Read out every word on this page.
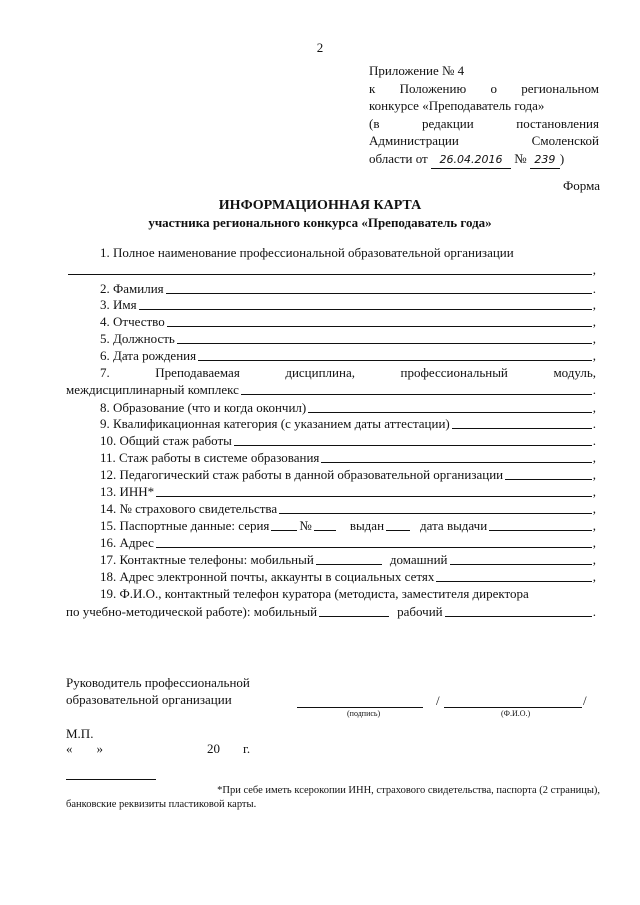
2
Приложение № 4
к Положению о региональном
конкурсе «Преподаватель года»
(в	редакции	постановления
Администрации	Смоленской
области от 26.04.2016 № 239 )
Форма
ИНФОРМАЦИОННАЯ КАРТА
участника регионального конкурса «Преподаватель года»
1. Полное наименование профессиональной образовательной организации
,
2. Фамилия	.
3. Имя	,
4. Отчество	,
5. Должность	,
6. Дата рождения	,
7.	Преподаваемая	дисциплина,	профессиональный	модуль,
междисциплинарный комплекс	.
8. Образование (что и когда окончил)	,
9. Квалификационная категория (с указанием даты аттестации)	.
10. Общий стаж работы	.
11. Стаж работы в системе образования	,
12. Педагогический стаж работы в данной образовательной организации	,
13. ИНН*	,
14. № страхового свидетельства	,
15. Паспортные данные: серия №	выдан	дата выдачи	,
16. Адрес	,
17. Контактные телефоны: мобильный	домашний	,
18. Адрес электронной почты, аккаунты в социальных сетях	,
19. Ф.И.О., контактный телефон куратора (методиста, заместителя директора
по учебно-методической работе): мобильный	рабочий	.
Руководитель профессиональной
образовательной организации	/	/
(подпись)	(Ф.И.О.)
М.П.
« »	20 г.
*При себе иметь ксерокопии ИНН, страхового свидетельства, паспорта (2 страницы),
банковские реквизиты пластиковой карты.
